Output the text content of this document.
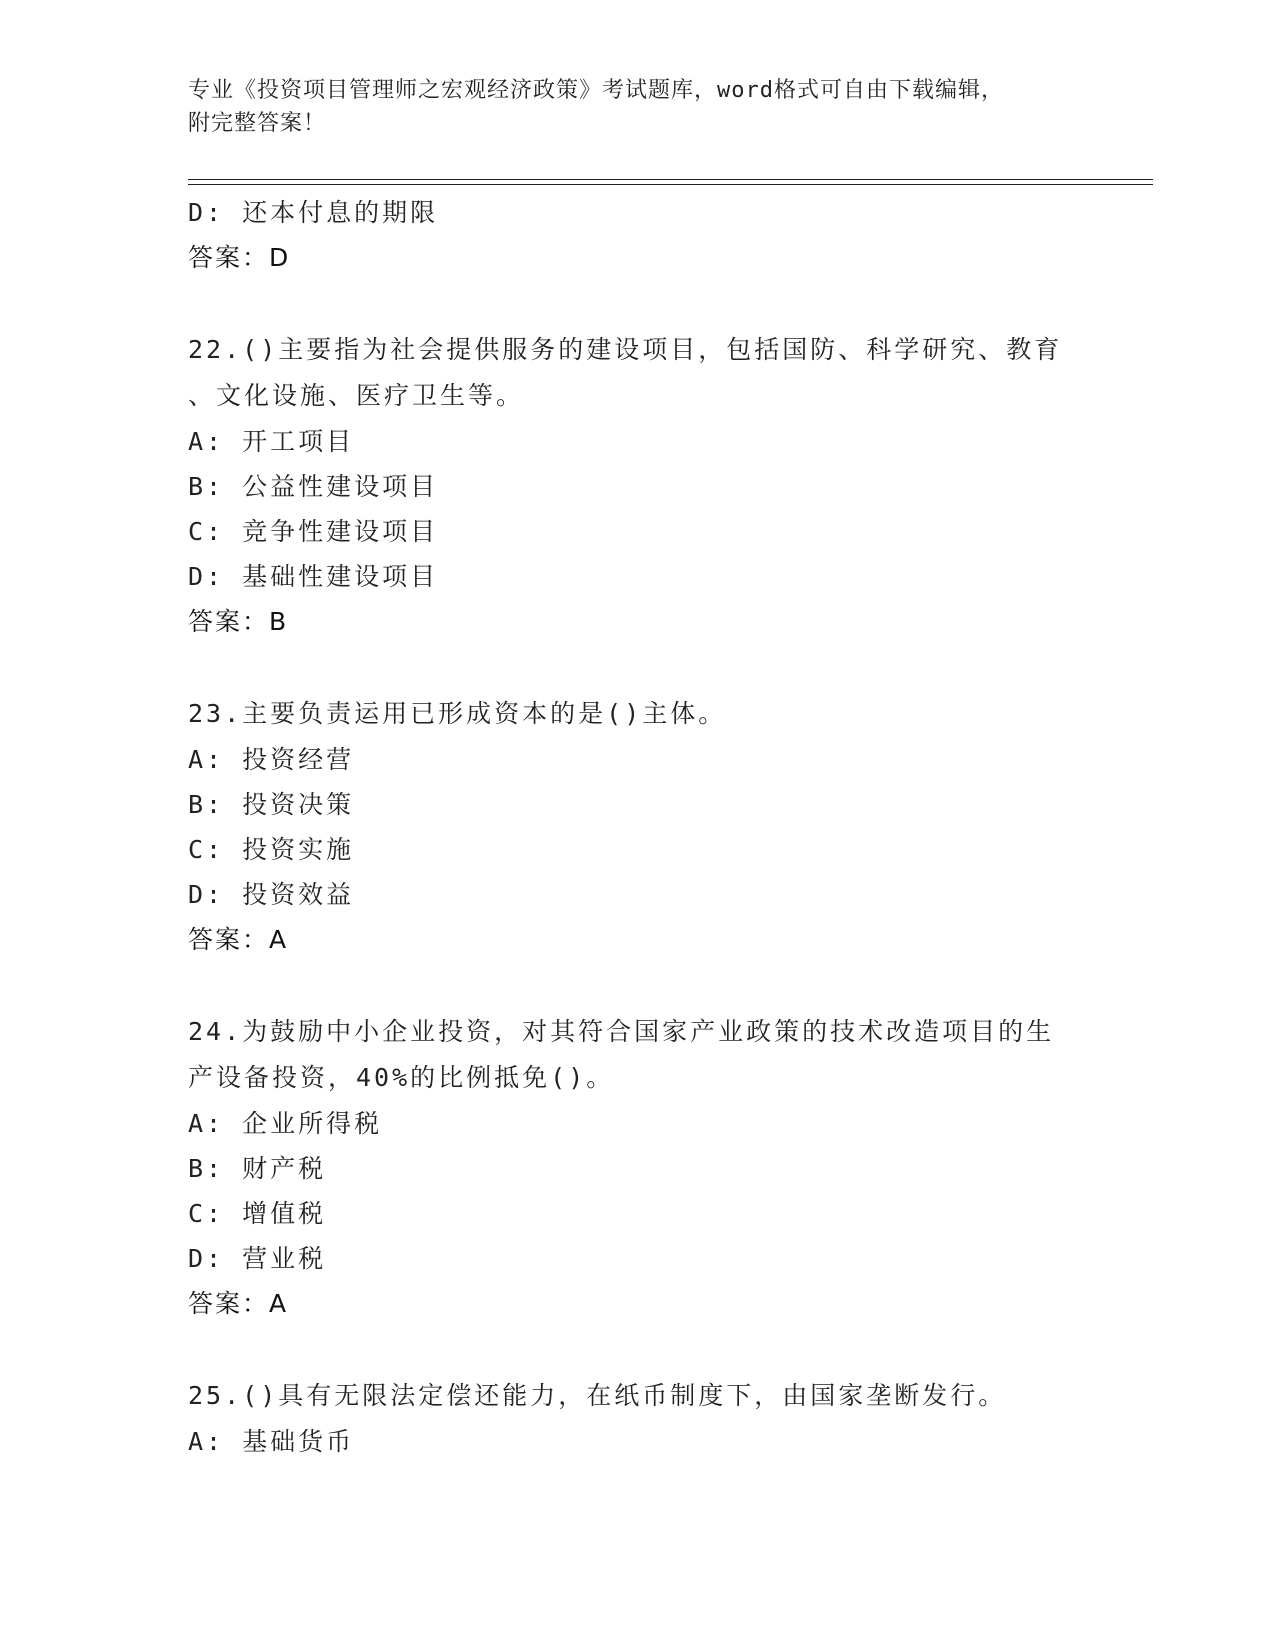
专业《投资项目管理师之宏观经济政策》考试题库，word格式可自由下载编辑，
附完整答案！
D: 还本付息的期限
答案：D
22.()主要指为社会提供服务的建设项目，包括国防、科学研究、教育
、文化设施、医疗卫生等。
A: 开工项目
B: 公益性建设项目
C: 竞争性建设项目
D: 基础性建设项目
答案：B
23.主要负责运用已形成资本的是()主体。
A: 投资经营
B: 投资决策
C: 投资实施
D: 投资效益
答案：A
24.为鼓励中小企业投资，对其符合国家产业政策的技术改造项目的生
产设备投资，40%的比例抵免()。
A: 企业所得税
B: 财产税
C: 增值税
D: 营业税
答案：A
25.()具有无限法定偿还能力，在纸币制度下，由国家垄断发行。
A: 基础货币
